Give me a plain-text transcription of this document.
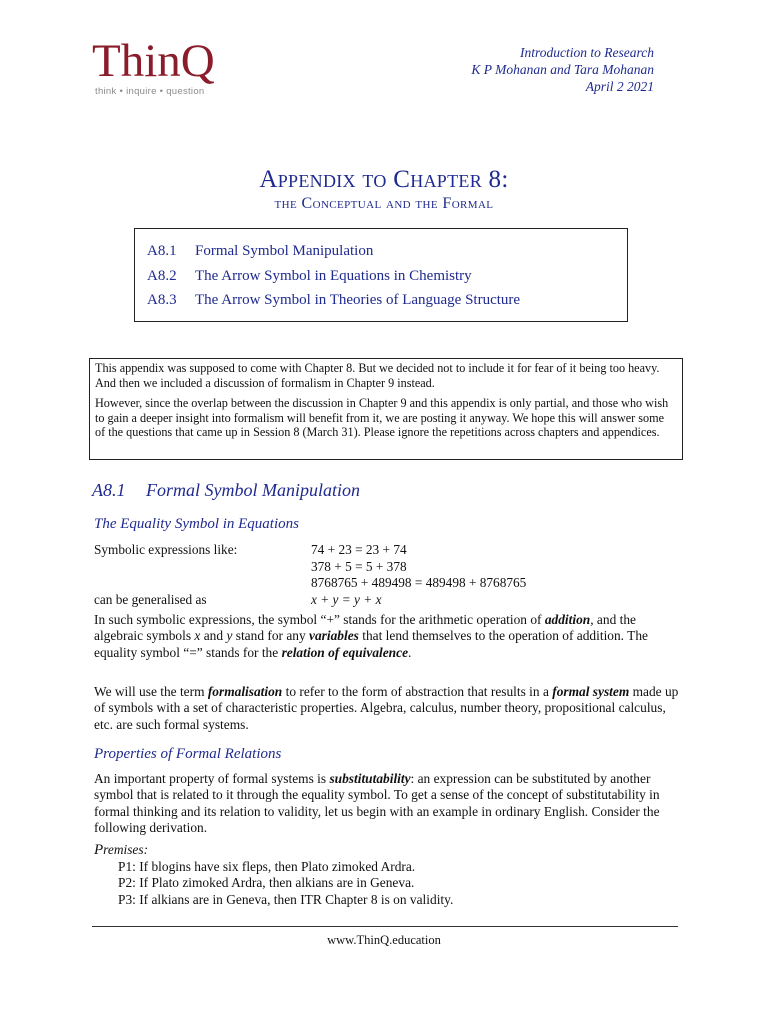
ThinQ
think • inquire • question
Introduction to Research
K P Mohanan and Tara Mohanan
April 2 2021
Appendix to Chapter 8:
the Conceptual and the Formal
A8.1	Formal Symbol Manipulation
A8.2	The Arrow Symbol in Equations in Chemistry
A8.3	The Arrow Symbol in Theories of Language Structure

This appendix was supposed to come with Chapter 8. But we decided not to include it for fear of it being too heavy. And then we included a discussion of formalism in Chapter 9 instead.

However, since the overlap between the discussion in Chapter 9 and this appendix is only partial, and those who wish to gain a deeper insight into formalism will benefit from it, we are posting it anyway. We hope this will answer some of the questions that came up in Session 8 (March 31). Please ignore the repetitions across chapters and appendices.

A8.1 Formal Symbol Manipulation
The Equality Symbol in Equations
Symbolic expressions like:	74 + 23 = 23 + 74
378 + 5 = 5 + 378
8768765 + 489498 = 489498 + 8768765
can be generalised as	x + y = y + x
In such symbolic expressions, the symbol “+” stands for the arithmetic operation of addition, and the algebraic symbols x and y stand for any variables that lend themselves to the operation of addition. The equality symbol “=” stands for the relation of equivalence.
We will use the term formalisation to refer to the form of abstraction that results in a formal system made up of symbols with a set of characteristic properties. Algebra, calculus, number theory, propositional calculus, etc. are such formal systems.
Properties of Formal Relations
An important property of formal systems is substitutability: an expression can be substituted by another symbol that is related to it through the equality symbol. To get a sense of the concept of substitutability in formal thinking and its relation to validity, let us begin with an example in ordinary English. Consider the following derivation.
Premises:
P1: If blogins have six fleps, then Plato zimoked Ardra.
P2: If Plato zimoked Ardra, then alkians are in Geneva.
P3: If alkians are in Geneva, then ITR Chapter 8 is on validity.
www.ThinQ.education
